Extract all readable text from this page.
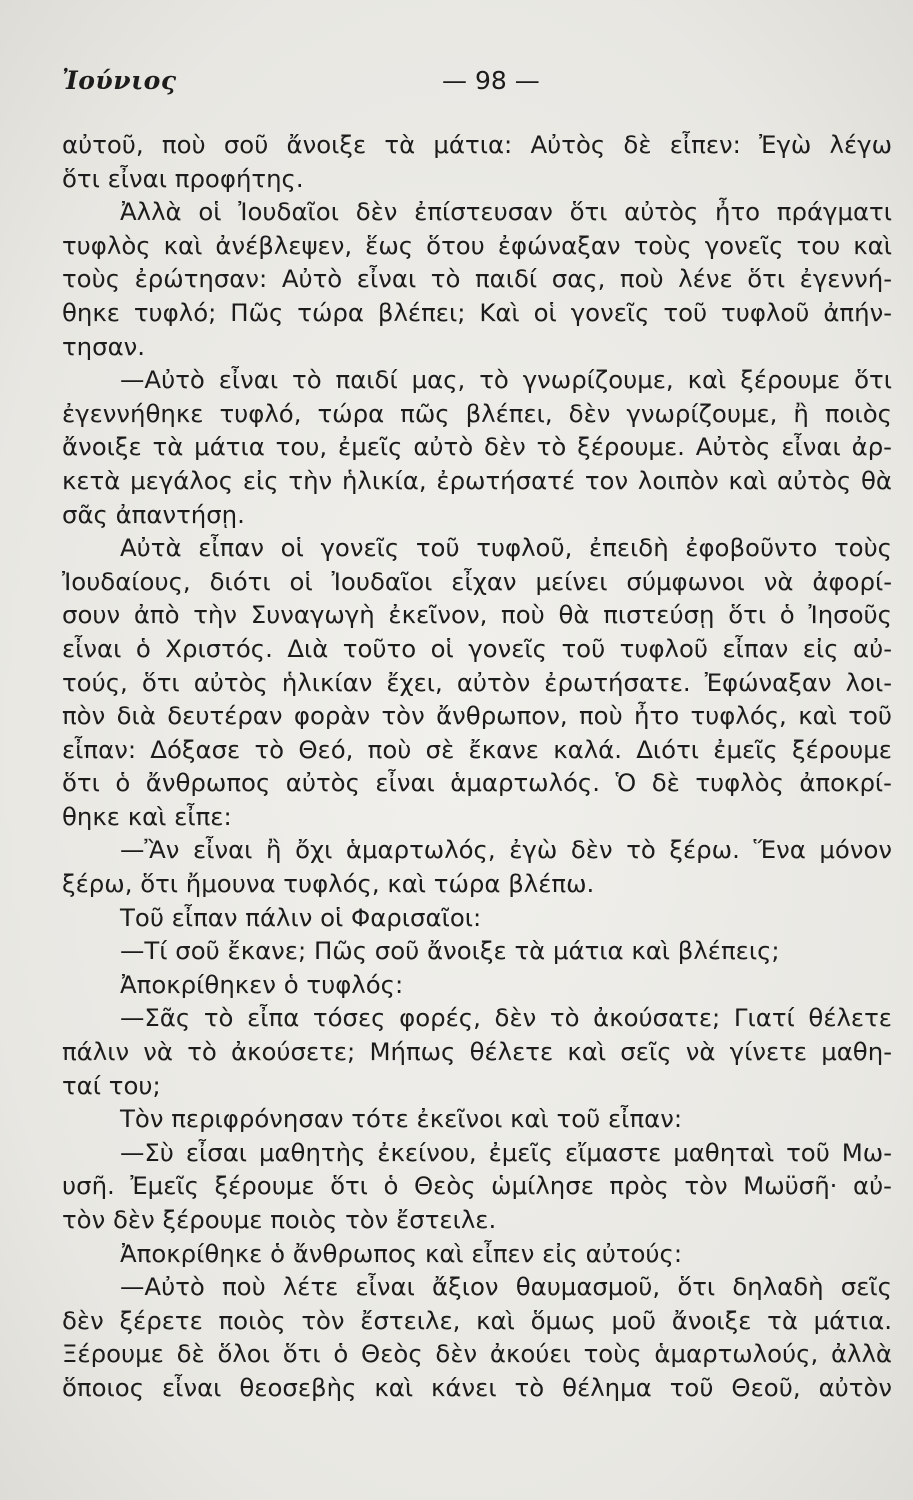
Ἰούνιος	— 98 —
αὐτοῦ, ποὺ σοῦ ἄνοιξε τὰ μάτια: Αὐτὸς δὲ εἶπεν: Ἐγὼ λέγω
ὅτι εἶναι προφήτης.
Ἀλλὰ οἱ Ἰουδαῖοι δὲν ἐπίστευσαν ὅτι αὐτὸς ἦτο πράγματι
τυφλὸς καὶ ἀνέβλεψεν, ἕως ὅτου ἐφώναξαν τοὺς γονεῖς του καὶ
τοὺς ἐρώτησαν: Αὐτὸ εἶναι τὸ παιδί σας, ποὺ λένε ὅτι ἐγεννή-
θηκε τυφλό; Πῶς τώρα βλέπει; Καὶ οἱ γονεῖς τοῦ τυφλοῦ ἀπήν-
τησαν.
—Αὐτὸ εἶναι τὸ παιδί μας, τὸ γνωρίζουμε, καὶ ξέρουμε ὅτι
ἐγεννήθηκε τυφλό, τώρα πῶς βλέπει, δὲν γνωρίζουμε, ἢ ποιὸς
ἄνοιξε τὰ μάτια του, ἐμεῖς αὐτὸ δὲν τὸ ξέρουμε. Αὐτὸς εἶναι ἀρ-
κετὰ μεγάλος εἰς τὴν ἡλικία, ἐρωτήσατέ τον λοιπὸν καὶ αὐτὸς θὰ
σᾶς ἀπαντήσῃ.
Αὐτὰ εἶπαν οἱ γονεῖς τοῦ τυφλοῦ, ἐπειδὴ ἐφοβοῦντο τοὺς
Ἰουδαίους, διότι οἱ Ἰουδαῖοι εἶχαν μείνει σύμφωνοι νὰ ἀφορί-
σουν ἀπὸ τὴν Συναγωγὴ ἐκεῖνον, ποὺ θὰ πιστεύσῃ ὅτι ὁ Ἰησοῦς
εἶναι ὁ Χριστός. Διὰ τοῦτο οἱ γονεῖς τοῦ τυφλοῦ εἶπαν εἰς αὐ-
τούς, ὅτι αὐτὸς ἡλικίαν ἔχει, αὐτὸν ἐρωτήσατε. Ἐφώναξαν λοι-
πὸν διὰ δευτέραν φορὰν τὸν ἄνθρωπον, ποὺ ἦτο τυφλός, καὶ τοῦ
εἶπαν: Δόξασε τὸ Θεό, ποὺ σὲ ἔκανε καλά. Διότι ἐμεῖς ξέρουμε
ὅτι ὁ ἄνθρωπος αὐτὸς εἶναι ἁμαρτωλός. Ὁ δὲ τυφλὸς ἀποκρί-
θηκε καὶ εἶπε:
—Ἂν εἶναι ἢ ὄχι ἁμαρτωλός, ἐγὼ δὲν τὸ ξέρω. Ἕνα μόνον
ξέρω, ὅτι ἤμουνα τυφλός, καὶ τώρα βλέπω.
Τοῦ εἶπαν πάλιν οἱ Φαρισαῖοι:
—Τί σοῦ ἔκανε; Πῶς σοῦ ἄνοιξε τὰ μάτια καὶ βλέπεις;
Ἀποκρίθηκεν ὁ τυφλός:
—Σᾶς τὸ εἶπα τόσες φορές, δὲν τὸ ἀκούσατε; Γιατί θέλετε
πάλιν νὰ τὸ ἀκούσετε; Μήπως θέλετε καὶ σεῖς νὰ γίνετε μαθη-
ταί του;
Τὸν περιφρόνησαν τότε ἐκεῖνοι καὶ τοῦ εἶπαν:
—Σὺ εἶσαι μαθητὴς ἐκείνου, ἐμεῖς εἴμαστε μαθηταὶ τοῦ Μω-
υσῆ. Ἐμεῖς ξέρουμε ὅτι ὁ Θεὸς ὡμίλησε πρὸς τὸν Μωϋσῆ· αὐ-
τὸν δὲν ξέρουμε ποιὸς τὸν ἔστειλε.
Ἀποκρίθηκε ὁ ἄνθρωπος καὶ εἶπεν εἰς αὐτούς:
—Αὐτὸ ποὺ λέτε εἶναι ἄξιον θαυμασμοῦ, ὅτι δηλαδὴ σεῖς
δὲν ξέρετε ποιὸς τὸν ἔστειλε, καὶ ὅμως μοῦ ἄνοιξε τὰ μάτια.
Ξέρουμε δὲ ὅλοι ὅτι ὁ Θεὸς δὲν ἀκούει τοὺς ἁμαρτωλούς, ἀλλὰ
ὅποιος εἶναι θεοσεβὴς καὶ κάνει τὸ θέλημα τοῦ Θεοῦ, αὐτὸν
